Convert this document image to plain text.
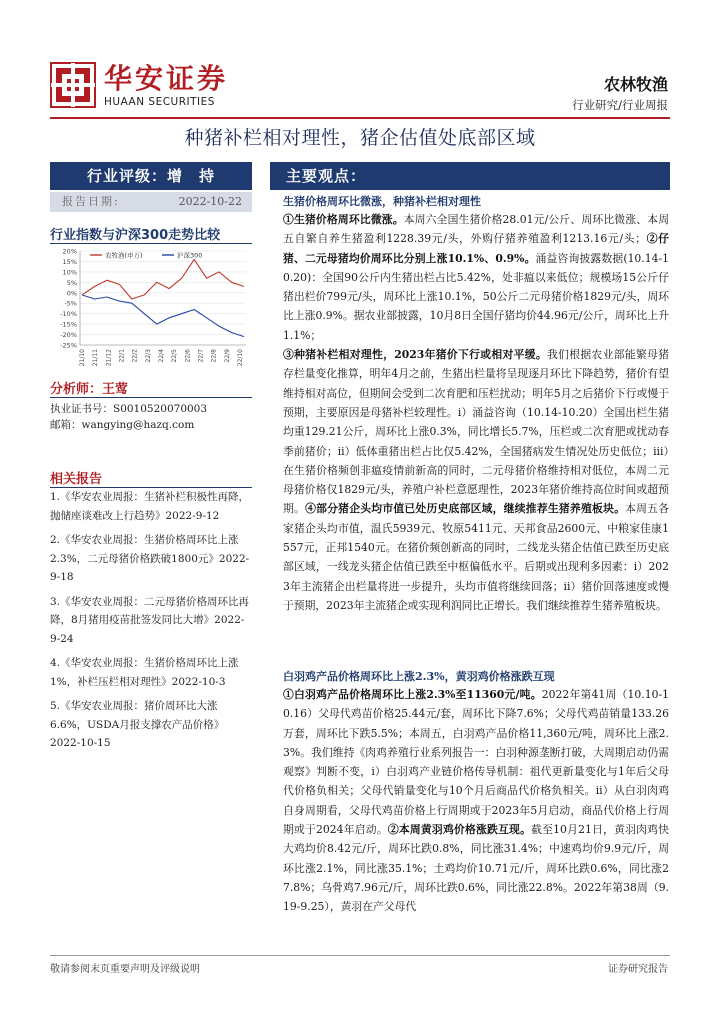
华安证券
HUAAN SECURITIES
农林牧渔
行业研究/行业周报
种猪补栏相对理性，猪企估值处底部区域
行业评级：增　持
报告日期:	2022-10-22
行业指数与沪深300走势比较
20%
15%
10%
5%
0%
-5%
-10%
-15%
-20%
-25%
21/10 21/11 21/12 22/1 22/2 22/3 22/4 22/5 22/6 22/7 22/8 22/9 22/10
农牧渔(申万)	沪深300
分析师：王莺
执业证书号：S0010520070003
邮箱：wangying@hazq.com
相关报告
1.《华安农业周报：生猪补栏积极性再降，抛储座谈难改上行趋势》2022-9-12
2.《华安农业周报：生猪价格周环比上涨2.3%，二元母猪价格跌破1800元》2022-9-18
3.《华安农业周报：二元母猪价格周环比再降，8月猪用疫苗批签发同比大增》2022-9-24
4.《华安农业周报：生猪价格周环比上涨1%，补栏压栏相对理性》2022-10-3
5.《华安农业周报：猪价周环比大涨6.6%，USDA月报支撑农产品价格》2022-10-15
主要观点：
生猪价格周环比微涨，种猪补栏相对理性

①生猪价格周环比微涨。本周六全国生猪价格28.01元/公斤、周环比微涨、本周五自繁自养生猪盈利1228.39元/头，外购仔猪养殖盈利1213.16元/头；②仔猪、二元母猪均价周环比分别上涨10.1%、0.9%。涌益咨询披露数据(10.14-10.20)：全国90公斤内生猪出栏占比5.42%，处非瘟以来低位；规模场15公斤仔猪出栏价799元/头，周环比上涨10.1%，50公斤二元母猪价格1829元/头，周环比上涨0.9%。据农业部披露，10月8日全国仔猪均价44.96元/公斤，周环比上升1.1%；

③种猪补栏相对理性，2023年猪价下行或相对平缓。我们根据农业部能繁母猪存栏量变化推算，明年4月之前，生猪出栏量将呈现逐月环比下降趋势，猪价有望维持相对高位，但期间会受到二次育肥和压栏扰动；明年5月之后猪价下行或慢于预期，主要原因是母猪补栏较理性。i）涌益咨询（10.14-10.20）全国出栏生猪均重129.21公斤，周环比上涨0.3%，同比增长5.7%，压栏或二次育肥或扰动春季前猪价；ii）低体重猪出栏占比仅5.42%，全国猪病发生情况处历史低位；iii）在生猪价格频创非瘟疫情前新高的同时，二元母猪价格维持相对低位，本周二元母猪价格仅1829元/头，养殖户补栏意愿理性，2023年猪价维持高位时间或超预期。④部分猪企头均市值已处历史底部区域，继续推荐生猪养殖板块。本周五各家猪企头均市值，温氏5939元、牧原5411元、天邦食品2600元、中粮家佳康1557元，正邦1540元。在猪价频创新高的同时，二线龙头猪企估值已跌至历史底部区域，一线龙头猪企估值已跌至中枢偏低水平。后期或出现利多因素：i）2023年主流猪企出栏量将进一步提升，头均市值将继续回落；ii）猪价回落速度或慢于预期，2023年主流猪企或实现利润同比正增长。我们继续推荐生猪养殖板块。

白羽鸡产品价格周环比上涨2.3%，黄羽鸡价格涨跌互现

①白羽鸡产品价格周环比上涨2.3%至11360元/吨。2022年第41周（10.10-10.16）父母代鸡苗价格25.44元/套，周环比下降7.6%；父母代鸡苗销量133.26万套，周环比下跌5.5%；本周五，白羽鸡产品价格11,360元/吨，周环比上涨2.3%。我们维持《肉鸡养殖行业系列报告一：白羽种源垄断打破，大周期启动仍需观察》判断不变，i）白羽鸡产业链价格传导机制：祖代更新量变化与1年后父母代价格负相关；父母代销量变化与10个月后商品代价格负相关。ii）从白羽肉鸡自身周期看，父母代鸡苗价格上行周期或于2023年5月启动，商品代价格上行周期或于2024年启动。②本周黄羽鸡价格涨跌互现。截至10月21日，黄羽肉鸡快大鸡均价8.42元/斤，周环比跌0.8%，同比涨31.4%；中速鸡均价9.9元/斤，周环比涨2.1%，同比涨35.1%；土鸡均价10.71元/斤，周环比跌0.6%，同比涨27.8%；乌骨鸡7.96元/斤，周环比跌0.6%，同比涨22.8%。2022年第38周（9.19-9.25），黄羽在产父母代

敬请参阅末页重要声明及评级说明	证券研究报告
